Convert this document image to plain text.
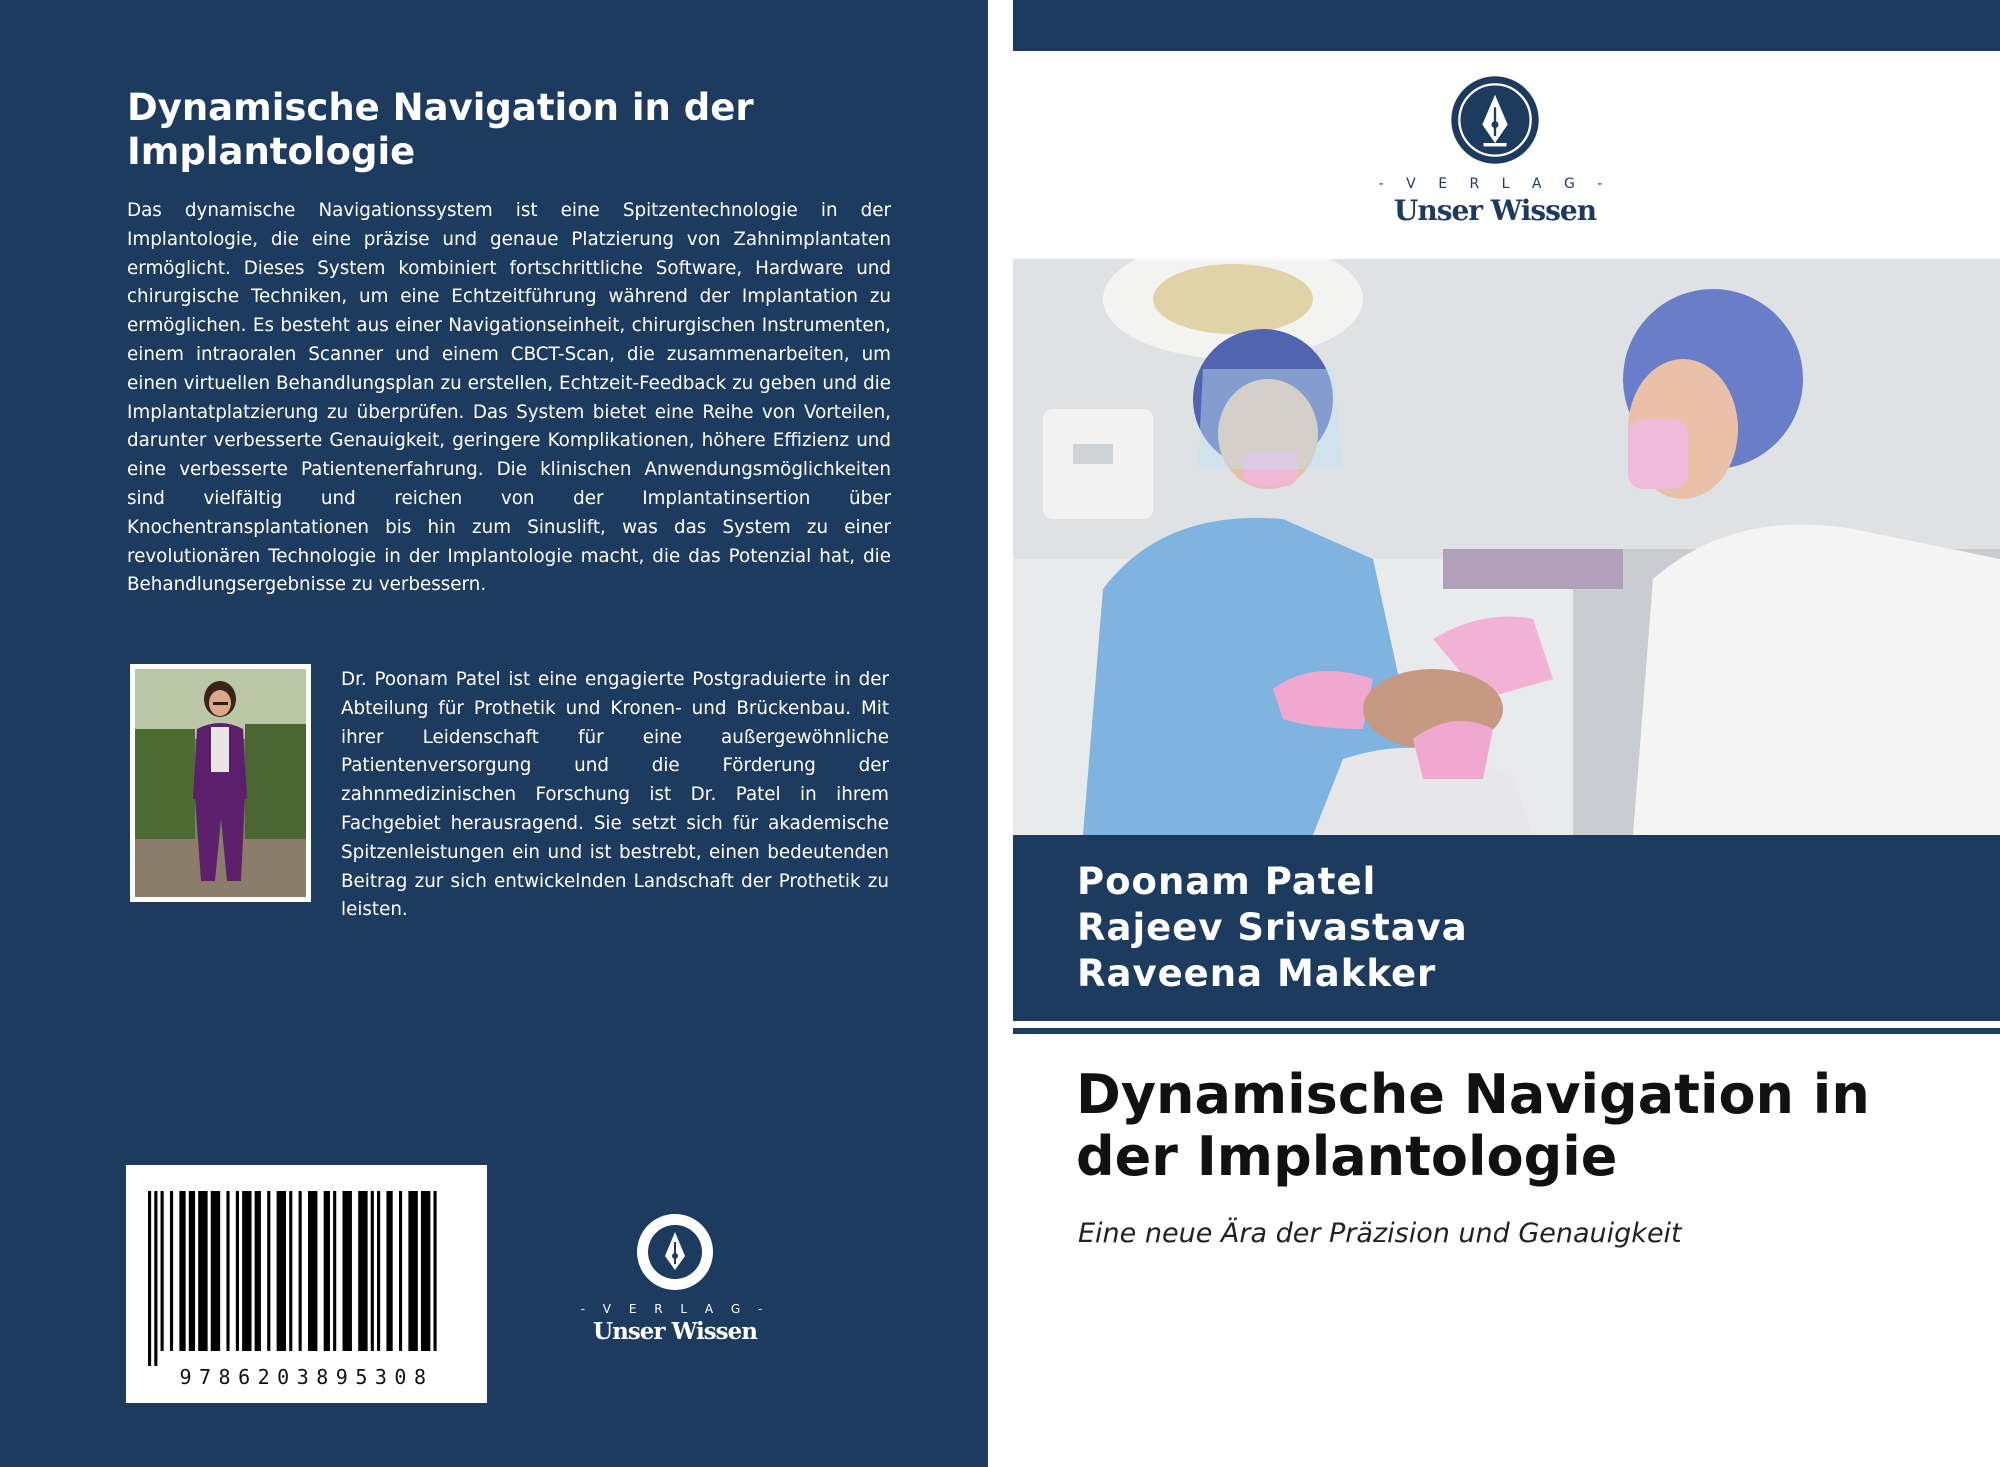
Dynamische Navigation in der Implantologie

Das dynamische Navigationssystem ist eine Spitzentechnologie in der Implantologie, die eine präzise und genaue Platzierung von Zahnimplantaten ermöglicht. Dieses System kombiniert fortschrittliche Software, Hardware und chirurgische Techniken, um eine Echtzeitführung während der Implantation zu ermöglichen. Es besteht aus einer Navigationseinheit, chirurgischen Instrumenten, einem intraoralen Scanner und einem CBCT-Scan, die zusammenarbeiten, um einen virtuellen Behandlungsplan zu erstellen, Echtzeit-Feedback zu geben und die Implantatplatzierung zu überprüfen. Das System bietet eine Reihe von Vorteilen, darunter verbesserte Genauigkeit, geringere Komplikationen, höhere Effizienz und eine verbesserte Patientenerfahrung. Die klinischen Anwendungsmöglichkeiten sind vielfältig und reichen von der Implantatinsertion über Knochentransplantationen bis hin zum Sinuslift, was das System zu einer revolutionären Technologie in der Implantologie macht, die das Potenzial hat, die Behandlungsergebnisse zu verbessern.

Dr. Poonam Patel ist eine engagierte Postgraduierte in der Abteilung für Prothetik und Kronen- und Brückenbau. Mit ihrer Leidenschaft für eine außergewöhnliche Patientenversorgung und die Förderung der zahnmedizinischen Forschung ist Dr. Patel in ihrem Fachgebiet herausragend. Sie setzt sich für akademische Spitzenleistungen ein und ist bestrebt, einen bedeutenden Beitrag zur sich entwickelnden Landschaft der Prothetik zu leisten.

9786203895308
- V E R L A G -
Unser Wissen
- V E R L A G -
Unser Wissen
Poonam Patel
Rajeev Srivastava
Raveena Makker
Dynamische Navigation in der Implantologie
Eine neue Ära der Präzision und Genauigkeit
